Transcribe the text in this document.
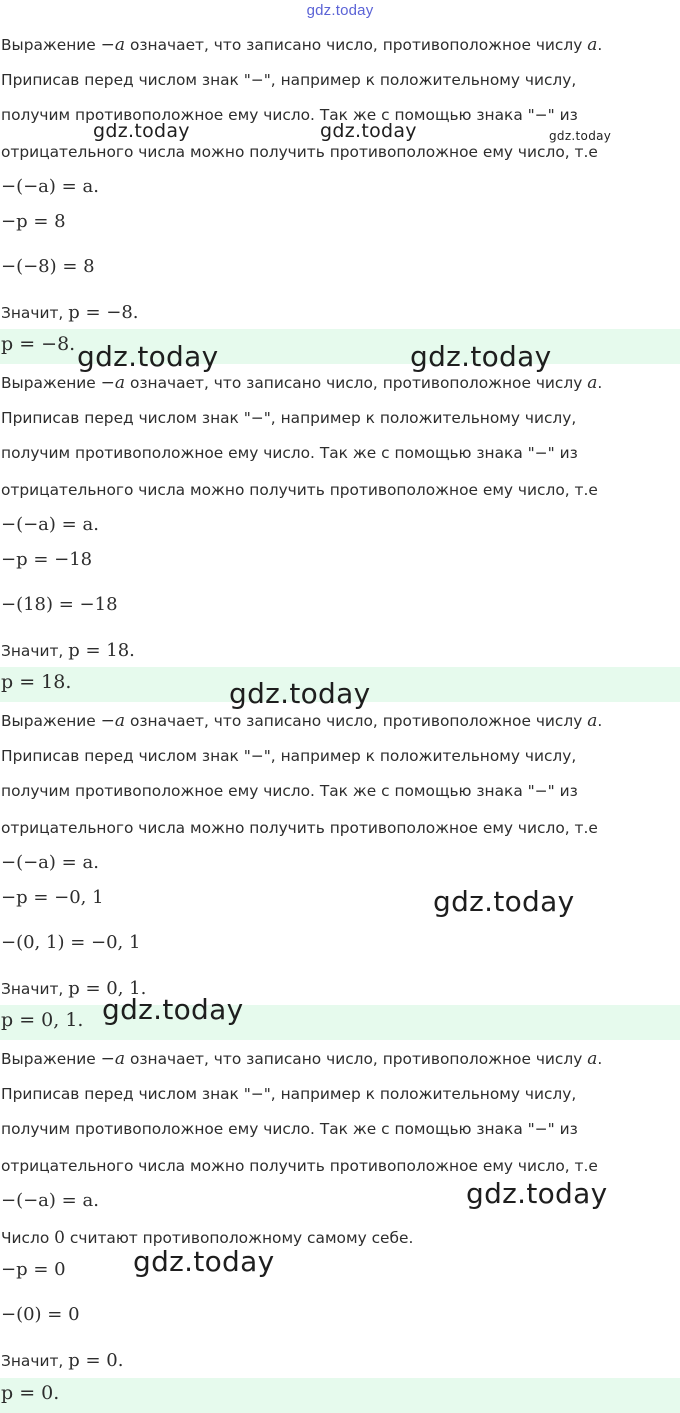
gdz.today
Выражение −a означает, что записано число, противоположное числу a.
Приписав перед числом знак "−", например к положительному числу,
получим противоположное ему число. Так же с помощью знака "−" из
отрицательного числа можно получить противоположное ему число, т.е
−(−a) = a.
−p = 8
−(−8) = 8
Значит, p = −8.
p = −8.
Выражение −a означает, что записано число, противоположное числу a.
Приписав перед числом знак "−", например к положительному числу,
получим противоположное ему число. Так же с помощью знака "−" из
отрицательного числа можно получить противоположное ему число, т.е
−(−a) = a.
−p = −18
−(18) = −18
Значит, p = 18.
p = 18.
Выражение −a означает, что записано число, противоположное числу a.
Приписав перед числом знак "−", например к положительному числу,
получим противоположное ему число. Так же с помощью знака "−" из
отрицательного числа можно получить противоположное ему число, т.е
−(−a) = a.
−p = −0, 1
−(0, 1) = −0, 1
Значит, p = 0, 1.
p = 0, 1.
Выражение −a означает, что записано число, противоположное числу a.
Приписав перед числом знак "−", например к положительному числу,
получим противоположное ему число. Так же с помощью знака "−" из
отрицательного числа можно получить противоположное ему число, т.е
−(−a) = a.
Число 0 считают противоположному самому себе.
−p = 0
−(0) = 0
Значит, p = 0.
p = 0.
gdz.today	gdz.today	gdz.today
gdz.today	gdz.today
gdz.today
gdz.today
gdz.today
gdz.today
gdz.today
